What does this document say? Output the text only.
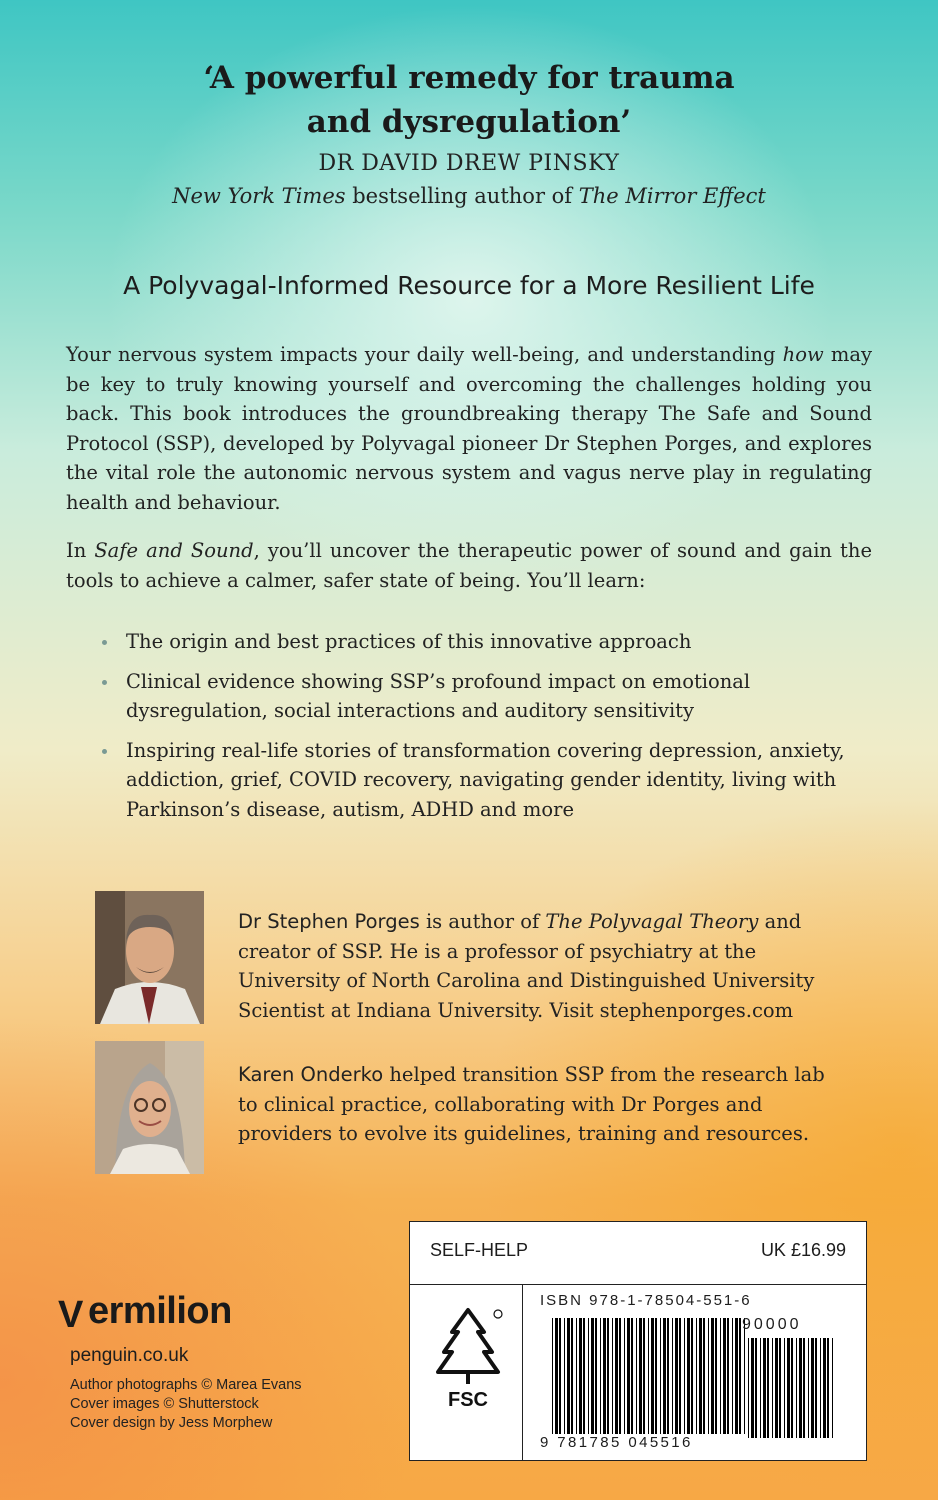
‘A powerful remedy for trauma
and dysregulation’
DR DAVID DREW PINSKY
New York Times bestselling author of The Mirror Effect
A Polyvagal-Informed Resource for a More Resilient Life
Your nervous system impacts your daily well-being, and understanding how may be key to truly knowing yourself and overcoming the challenges holding you back. This book introduces the groundbreaking therapy The Safe and Sound Protocol (SSP), developed by Polyvagal pioneer Dr Stephen Porges, and explores the vital role the autonomic nervous system and vagus nerve play in regulating health and behaviour.
In Safe and Sound, you’ll uncover the therapeutic power of sound and gain the tools to achieve a calmer, safer state of being. You’ll learn:
The origin and best practices of this innovative approach
Clinical evidence showing SSP’s profound impact on emotional dysregulation, social interactions and auditory sensitivity
Inspiring real-life stories of transformation covering depression, anxiety, addiction, grief, COVID recovery, navigating gender identity, living with Parkinson’s disease, autism, ADHD and more
Dr Stephen Porges is author of The Polyvagal Theory and creator of SSP. He is a professor of psychiatry at the University of North Carolina and Distinguished University Scientist at Indiana University. Visit stephenporges.com
Karen Onderko helped transition SSP from the research lab to clinical practice, collaborating with Dr Porges and providers to evolve its guidelines, training and resources.
SELF-HELP	UK £16.99
FSC
ISBN 978-1-78504-551-6
90000
9 781785 045516
V ermilion
penguin.co.uk
Author photographs © Marea Evans
Cover images © Shutterstock
Cover design by Jess Morphew
